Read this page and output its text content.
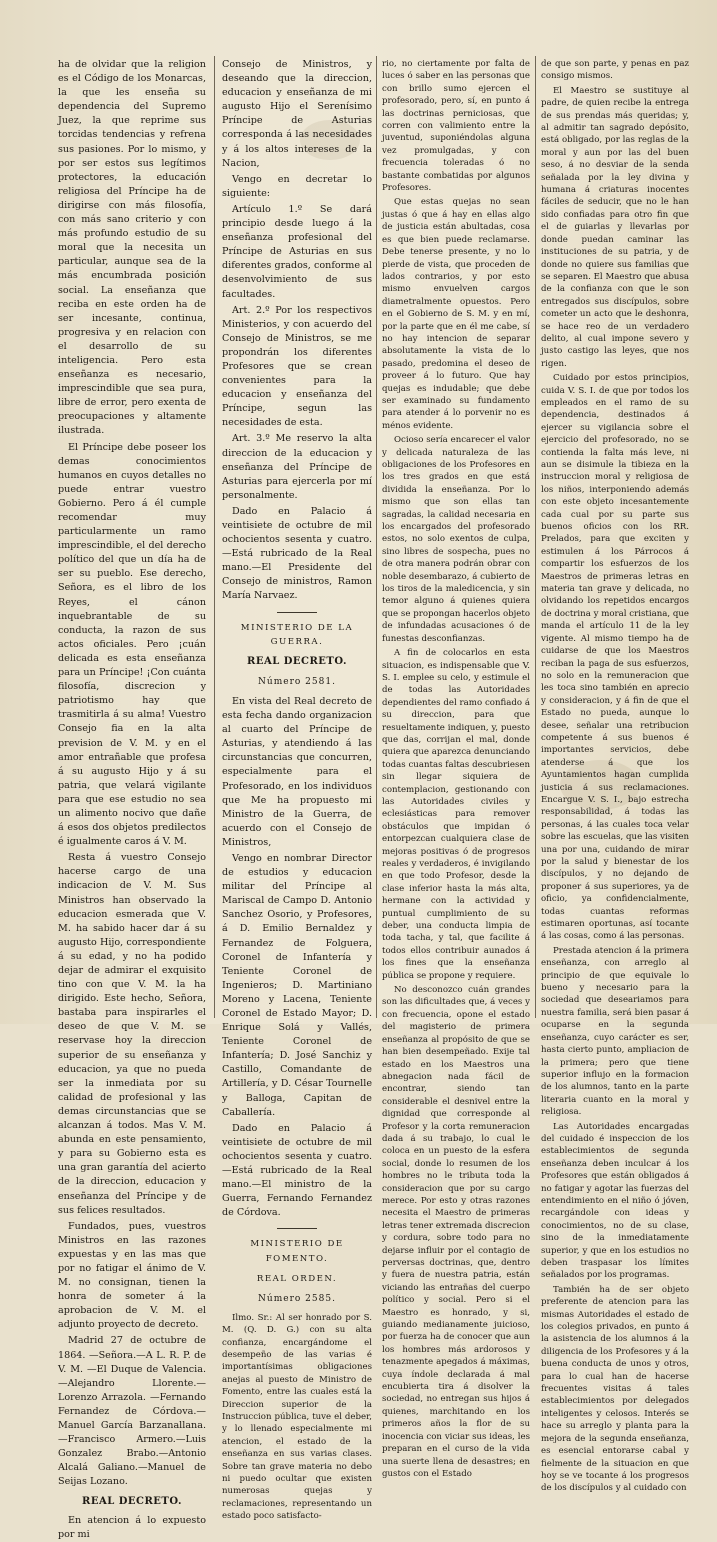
ha de olvidar que la religion es el Código de los Monarcas, la que les enseña su dependencia del Supremo Juez, la que reprime sus torcidas tendencias y refrena sus pasiones. Por lo mismo, y por ser estos sus legítimos protectores, la educación religiosa del Príncipe ha de dirigirse con más filosofía, con más sano criterio y con más profundo estudio de su moral que la necesita un particular, aunque sea de la más encumbrada posición social. La enseñanza que reciba en este orden ha de ser incesante, continua, progresiva y en relacion con el desarrollo de su inteligencia. Pero esta enseñanza es necesario, imprescindible que sea pura, libre de error, pero exenta de preocupaciones y altamente ilustrada.

El Príncipe debe poseer los demas conocimientos humanos en cuyos detalles no puede entrar vuestro Gobierno. Pero á él cumple recomendar muy particularmente un ramo imprescindible, el del derecho político del que un día ha de ser su pueblo. Ese derecho, Señora, es el libro de los Reyes, el cánon inquebrantable de su conducta, la razon de sus actos oficiales. Pero ¡cuán delicada es esta enseñanza para un Príncipe! ¡Con cuánta filosofía, discrecion y patriotismo hay que trasmitirla á su alma! Vuestro Consejo fia en la alta prevision de V. M. y en el amor entrañable que profesa á su augusto Hijo y á su patria, que velará vigilante para que ese estudio no sea un alimento nocivo que dañe á esos dos objetos predilectos é igualmente caros á V. M.

Resta á vuestro Consejo hacerse cargo de una indicacion de V. M. Sus Ministros han observado la educacion esmerada que V. M. ha sabido hacer dar á su augusto Hijo, correspondiente á su edad, y no ha podido dejar de admirar el exquisito tino con que V. M. la ha dirigido. Este hecho, Señora, bastaba para inspirarles el deseo de que V. M. se reservase hoy la direccion superior de su enseñanza y educacion, ya que no pueda ser la inmediata por su calidad de profesional y las demas circunstancias que se alcanzan á todos. Mas V. M. abunda en este pensamiento, y para su Gobierno esta es una gran garantía del acierto de la direccion, educacion y enseñanza del Príncipe y de sus felices resultados.

Fundados, pues, vuestros Ministros en las razones expuestas y en las mas que por no fatigar el ánimo de V. M. no consignan, tienen la honra de someter á la aprobacion de V. M. el adjunto proyecto de decreto.

Madrid 27 de octubre de 1864. —Señora.—A L. R. P. de V. M. —El Duque de Valencia.—Alejandro Llorente.—Lorenzo Arrazola. —Fernando Fernandez de Córdova.—Manuel García Barzanallana. —Francisco Armero.—Luis Gonzalez Brabo.—Antonio Alcalá Galiano.—Manuel de Seijas Lozano.

REAL DECRETO.

En atencion á lo expuesto por mi

Consejo de Ministros, y deseando que la direccion, educacion y enseñanza de mi augusto Hijo el Serenísimo Príncipe de Asturias corresponda á las necesidades y á los altos intereses de la Nacion,

Vengo en decretar lo siguiente:

Artículo 1.º Se dará principio desde luego á la enseñanza profesional del Príncipe de Asturias en sus diferentes grados, conforme al desenvolvimiento de sus facultades.

Art. 2.º Por los respectivos Ministerios, y con acuerdo del Consejo de Ministros, se me propondrán los diferentes Profesores que se crean convenientes para la educacion y enseñanza del Príncipe, segun las necesidades de esta.

Art. 3.º Me reservo la alta direccion de la educacion y enseñanza del Príncipe de Asturias para ejercerla por mí personalmente.

Dado en Palacio á veintisiete de octubre de mil ochocientos sesenta y cuatro.—Está rubricado de la Real mano.—El Presidente del Consejo de ministros, Ramon María Narvaez.

MINISTERIO DE LA GUERRA.
REAL DECRETO.
Número 2581.

En vista del Real decreto de esta fecha dando organizacion al cuarto del Príncipe de Asturias, y atendiendo á las circunstancias que concurren, especialmente para el Profesorado, en los individuos que Me ha propuesto mi Ministro de la Guerra, de acuerdo con el Consejo de Ministros,

Vengo en nombrar Director de estudios y educacion militar del Príncipe al Mariscal de Campo D. Antonio Sanchez Osorio, y Profesores, á D. Emilio Bernaldez y Fernandez de Folguera, Coronel de Infantería y Teniente Coronel de Ingenieros; D. Martiniano Moreno y Lacena, Teniente Coronel de Estado Mayor; D. Enrique Solá y Vallés, Teniente Coronel de Infantería; D. José Sanchiz y Castillo, Comandante de Artillería, y D. César Tournelle y Balloga, Capitan de Caballería.

Dado en Palacio á veintisiete de octubre de mil ochocientos sesenta y cuatro.—Está rubricado de la Real mano.—El ministro de la Guerra, Fernando Fernandez de Córdova.

MINISTERIO DE FOMENTO.
REAL ORDEN.
Número 2585.

Ilmo. Sr.: Al ser honrado por S. M. (Q. D. G.) con su alta confianza, encargándome el desempeño de las varias é importantísimas obligaciones anejas al puesto de Ministro de Fomento, entre las cuales está la Direccion superior de la Instruccion pública, tuve el deber, y lo llenado especialmente mi atencion, el estado de la enseñanza en sus varias clases. Sobre tan grave materia no debo ni puedo ocultar que existen numerosas quejas y reclamaciones, representando un estado poco satisfacto-

rio, no ciertamente por falta de luces ó saber en las personas que con brillo sumo ejercen el profesorado, pero, sí, en punto á las doctrinas perniciosas, que corren con valimiento entre la juventud, suponiéndolas alguna vez promulgadas, y con frecuencia toleradas ó no bastante combatidas por algunos Profesores.

Que estas quejas no sean justas ó que á hay en ellas algo de justicia están abultadas, cosa es que bien puede reclamarse. Debe tenerse presente, y no lo pierde de vista, que proceden de lados contrarios, y por esto mismo envuelven cargos diametralmente opuestos. Pero en el Gobierno de S. M. y en mí, por la parte que en él me cabe, sí no hay intencion de separar absolutamente la vista de lo pasado, predomina el deseo de proveer á lo futuro. Que hay quejas es indudable; que debe ser examinado su fundamento para atender á lo porvenir no es ménos evidente.

Ocioso sería encarecer el valor y delicada naturaleza de las obligaciones de los Profesores en los tres grados en que está dividida la enseñanza. Por lo mismo que son ellas tan sagradas, la calidad necesaria en los encargados del profesorado estos, no solo exentos de culpa, sino libres de sospecha, pues no de otra manera podrán obrar con noble desembarazo, á cubierto de los tiros de la maledicencia, y sin temor alguno á quienes quiera que se propongan hacerlos objeto de infundadas acusaciones ó de funestas desconfianzas.

A fin de colocarlos en esta situacion, es indispensable que V. S. I. emplee su celo, y estimule el de todas las Autoridades dependientes del ramo confiado á su direccion, para que resueltamente indiquen, y, puesto que das, corrijan el mal, donde quiera que aparezca denunciando todas cuantas faltas descubriesen sin llegar siquiera de contemplacion, gestionando con las Autoridades civiles y eclesiásticas para remover obstáculos que impidan ó entorpezcan cualquiera clase de mejoras positivas ó de progresos reales y verdaderos, é invigilando en que todo Profesor, desde la clase inferior hasta la más alta, hermane con la actividad y puntual cumplimiento de su deber, una conducta limpia de toda tacha, y tal, que facilite á todos ellos contribuir aunados á los fines que la enseñanza pública se propone y requiere.

No desconozco cuán grandes son las dificultades que, á veces y con frecuencia, opone el estado del magisterio de primera enseñanza al propósito de que se han bien desempeñado. Exije tal estado en los Maestros una abnegacion nada fácil de encontrar, siendo tan considerable el desnivel entre la dignidad que corresponde al Profesor y la corta remuneracion dada á su trabajo, lo cual le coloca en un puesto de la esfera social, donde lo resumen de los hombres no le tributa toda la consideracion que por su cargo merece. Por esto y otras razones necesita el Maestro de primeras letras tener extremada discrecion y cordura, sobre todo para no dejarse influir por el contagio de perversas doctrinas, que, dentro y fuera de nuestra patria, están viciando las entrañas del cuerpo político y social. Pero si el Maestro es honrado, y si, guiando medianamente juicioso, por fuerza ha de conocer que aun los hombres más ardorosos y tenazmente apegados á máximas, cuya índole declarada á mal encubierta tira á disolver la sociedad, no entregan sus hijos á quienes, marchitando en los primeros años la flor de su inocencia con viciar sus ideas, les preparan en el curso de la vida una suerte llena de desastres; en gustos con el Estado

de que son parte, y penas en paz consigo mismos.

El Maestro se sustituye al padre, de quien recibe la entrega de sus prendas más queridas; y, al admitir tan sagrado depósito, está obligado, por las reglas de la moral y aun por las del buen seso, á no desviar de la senda señalada por la ley divina y humana á criaturas inocentes fáciles de seducir, que no le han sido confiadas para otro fin que el de guiarlas y llevarlas por donde puedan caminar las instituciones de su patria, y de donde no quiere sus familias que se separen. El Maestro que abusa de la confianza con que le son entregados sus discípulos, sobre cometer un acto que le deshonra, se hace reo de un verdadero delito, al cual impone severo y justo castigo las leyes, que nos rigen.

Cuidado por estos principios, cuida V. S. I. de que por todos los empleados en el ramo de su dependencia, destinados á ejercer su vigilancia sobre el ejercicio del profesorado, no se contienda la falta más leve, ni aun se disimule la tibieza en la instruccion moral y religiosa de los niños, interponiendo además con este objeto incesantemente cada cual por su parte sus buenos oficios con los RR. Prelados, para que exciten y estimulen á los Párrocos á compartir los esfuerzos de los Maestros de primeras letras en materia tan grave y delicada, no olvidando los repetidos encargos de doctrina y moral cristiana, que manda el artículo 11 de la ley vigente. Al mismo tiempo ha de cuidarse de que los Maestros reciban la paga de sus esfuerzos, no solo en la remuneracion que les toca sino también en aprecio y consideracion, y á fin de que el Estado no pueda, aunque lo desee, señalar una retribucion competente á sus buenos é importantes servicios, debe atenderse á que los Ayuntamientos hagan cumplida justicia á sus reclamaciones. Encargue V. S. I., bajo estrecha responsabilidad, á todas las personas, á las cuales toca velar sobre las escuelas, que las visiten una por una, cuidando de mirar por la salud y bienestar de los discípulos, y no dejando de proponer á sus superiores, ya de oficio, ya confidencialmente, todas cuantas reformas estimaren oportunas, así tocante á las cosas, como á las personas.

Prestada atencion á la primera enseñanza, con arreglo al principio de que equivale lo bueno y necesario para la sociedad que deseariamos para nuestra familia, será bien pasar á ocuparse en la segunda enseñanza, cuyo carácter es ser, hasta cierto punto, ampliacion de la primera; pero que tiene superior influjo en la formacion de los alumnos, tanto en la parte literaria cuanto en la moral y religiosa.

Las Autoridades encargadas del cuidado é inspeccion de los establecimientos de segunda enseñanza deben inculcar á los Profesores que están obligados á no fatigar y agotar las fuerzas del entendimiento en el niño ó jóven, recargándole con ideas y conocimientos, no de su clase, sino de la inmediatamente superior, y que en los estudios no deben traspasar los límites señalados por los programas.

También ha de ser objeto preferente de atencion para las mismas Autoridades el estado de los colegios privados, en punto á la asistencia de los alumnos á la diligencia de los Profesores y á la buena conducta de unos y otros, para lo cual han de hacerse frecuentes visitas á tales establecimientos por delegados inteligentes y celosos. Interés se hace su arreglo y planta para la mejora de la segunda enseñanza, es esencial entorarse cabal y fielmente de la situacion en que hoy se ve tocante á los progresos de los discípulos y al cuidado con
